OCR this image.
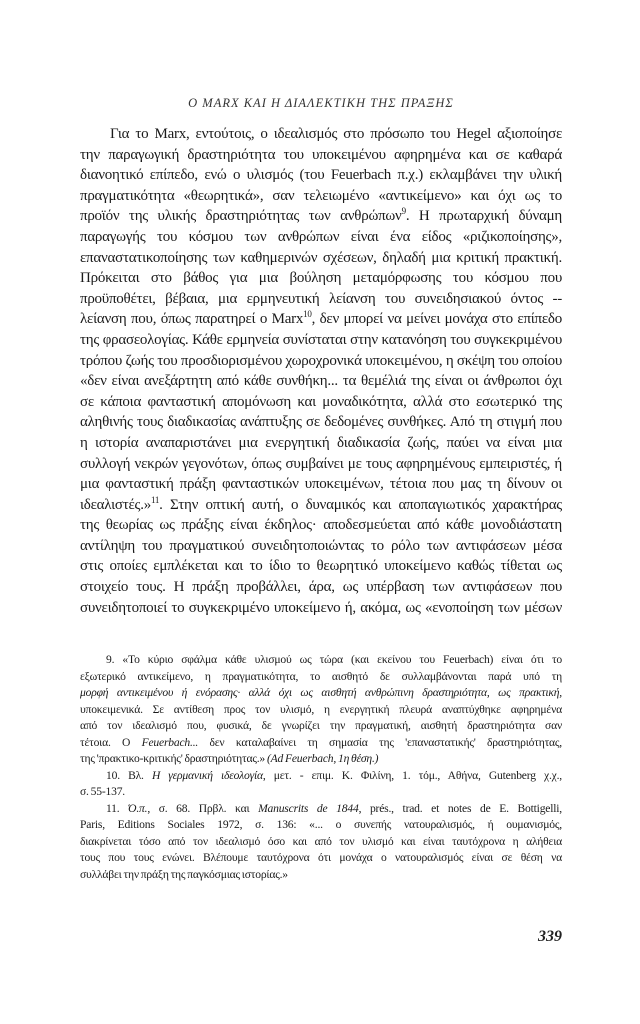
Ο MARX ΚΑΙ Η ΔΙΑΛΕΚΤΙΚΗ ΤΗΣ ΠΡΑΞΗΣ
Για το Marx, εντούτοις, ο ιδεαλισμός στο πρόσωπο του Hegel αξιοποίησε
την παραγωγική δραστηριότητα του υποκειμένου αφηρημένα και σε καθαρά
διανοητικό επίπεδο, ενώ ο υλισμός (του Feuerbach π.χ.) εκλαμβάνει την υλική
πραγματικότητα «θεωρητικά», σαν τελειωμένο «αντικείμενο» και όχι ως το
προϊόν της υλικής δραστηριότητας των ανθρώπων$^9$. Η πρωταρχική δύναμη
παραγωγής του κόσμου των ανθρώπων είναι ένα είδος «ριζικοποίησης»,
επαναστατικοποίησης των καθημερινών σχέσεων, δηλαδή μια κριτική πρακτική.
Πρόκειται στο βάθος για μια βούληση μεταμόρφωσης του κόσμου που
προϋποθέτει, βέβαια, μια ερμηνευτική λείανση του συνειδησιακού όντος --
λείανση που, όπως παρατηρεί ο Marx$^{10}$, δεν μπορεί να μείνει μονάχα στο επίπεδο
της φρασεολογίας. Κάθε ερμηνεία συνίσταται στην κατανόηση του συγκεκριμένου
τρόπου ζωής του προσδιορισμένου χωροχρονικά υποκειμένου, η σκέψη του οποίου
«δεν είναι ανεξάρτητη από κάθε συνθήκη... τα θεμέλιά της είναι οι άνθρωποι όχι
σε κάποια φανταστική απομόνωση και μοναδικότητα, αλλά στο εσωτερικό της
αληθινής τους διαδικασίας ανάπτυξης σε δεδομένες συνθήκες. Από τη στιγμή που
η ιστορία αναπαριστάνει μια ενεργητική διαδικασία ζωής, παύει να είναι μια
συλλογή νεκρών γεγονότων, όπως συμβαίνει με τους αφηρημένους εμπειριστές, ή
μια φανταστική πράξη φανταστικών υποκειμένων, τέτοια που μας τη δίνουν οι
ιδεαλιστές.»$^{11}$. Στην οπτική αυτή, ο δυναμικός και αποπαγιωτικός χαρακτήρας
της θεωρίας ως πράξης είναι έκδηλος· αποδεσμεύεται από κάθε μονοδιάστατη
αντίληψη του πραγματικού συνειδητοποιώντας το ρόλο των αντιφάσεων μέσα
στις οποίες εμπλέκεται και το ίδιο το θεωρητικό υποκείμενο καθώς τίθεται ως
στοιχείο τους. Η πράξη προβάλλει, άρα, ως υπέρβαση των αντιφάσεων που
συνειδητοποιεί το συγκεκριμένο υποκείμενο ή, ακόμα, ως «ενοποίηση των μέσων
9. «Το κύριο σφάλμα κάθε υλισμού ως τώρα (και εκείνου του Feuerbach) είναι ότι το
εξωτερικό αντικείμενο, η πραγματικότητα, το αισθητό δε συλλαμβάνονται παρά υπό τη
μορφή αντικειμένου ή ενόρασης· αλλά όχι ως αισθητή ανθρώπινη δραστηριότητα, ως πρακτική,
υποκειμενικά. Σε αντίθεση προς τον υλισμό, η ενεργητική πλευρά αναπτύχθηκε αφηρημένα
από τον ιδεαλισμό που, φυσικά, δε γνωρίζει την πραγματική, αισθητή δραστηριότητα σαν
τέτοια. Ο Feuerbach... δεν καταλαβαίνει τη σημασία της 'επαναστατικής' δραστηριότητας,
της 'πρακτικο-κριτικής' δραστηριότητας.» (Ad Feuerbach, 1η θέση.)
10. Βλ. Η γερμανική ιδεολογία, μετ. - επιμ. Κ. Φιλίνη, 1. τόμ., Αθήνα, Gutenberg χ.χ.,
σ. 55-137.
11. Ό.π., σ. 68. Πρβλ. και Manuscrits de 1844, prés., trad. et notes de E. Bottigelli,
Paris, Editions Sociales 1972, σ. 136: «... ο συνεπής νατουραλισμός, ή ουμανισμός,
διακρίνεται τόσο από τον ιδεαλισμό όσο και από τον υλισμό και είναι ταυτόχρονα η αλήθεια
τους που τους ενώνει. Βλέπουμε ταυτόχρονα ότι μονάχα ο νατουραλισμός είναι σε θέση να
συλλάβει την πράξη της παγκόσμιας ιστορίας.»
339
